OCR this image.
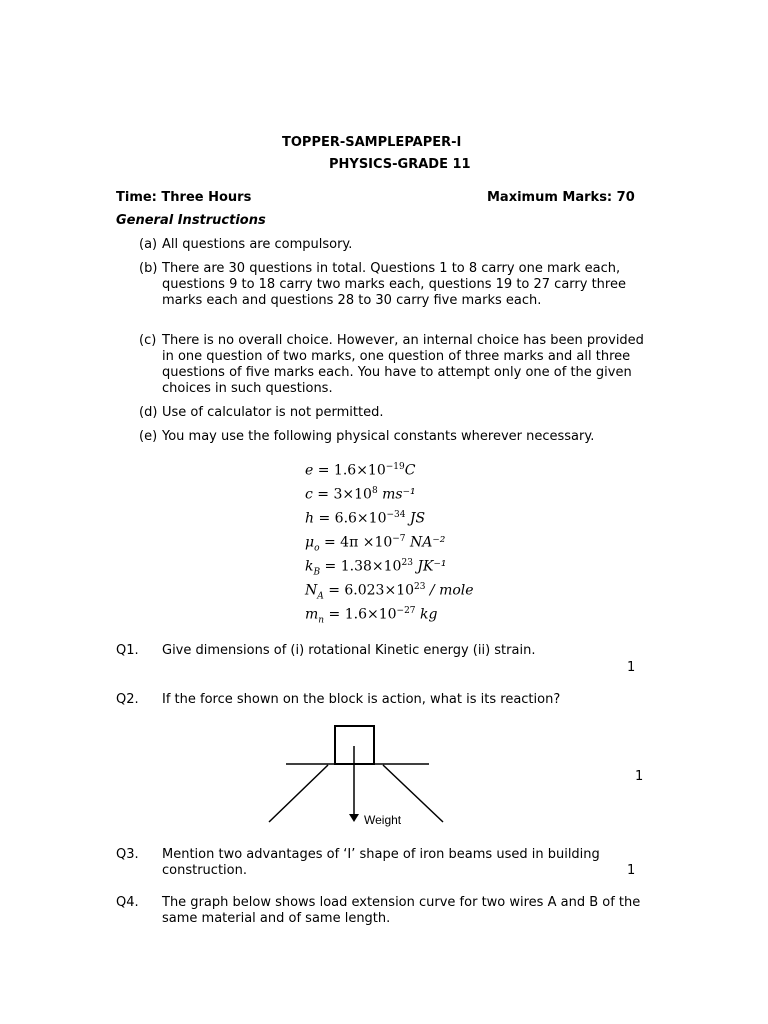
TOPPER-SAMPLEPAPER-I
PHYSICS-GRADE 11
Time: Three Hours	Maximum Marks: 70
General Instructions
(a) All questions are compulsory.
(b) There are 30 questions in total. Questions 1 to 8 carry one mark each, questions 9 to 18 carry two marks each, questions 19 to 27 carry three marks each and questions 28 to 30 carry five marks each.
(c) There is no overall choice. However, an internal choice has been provided in one question of two marks, one question of three marks and all three questions of five marks each. You have to attempt only one of the given choices in such questions.
(d) Use of calculator is not permitted.
(e) You may use the following physical constants wherever necessary.
$e = 1.6\times 10^{-19}C$
$c = 3\times 10^8$ ms⁻¹
$h = 6.6\times 10^{-34}$ JS
$\mu_o = 4\pi \times 10^{-7}$ NA⁻²
$k_B = 1.38\times 10^{23}$ JK⁻¹
$N_A = 6.023\times 10^{23}$ / mole
$m_n = 1.6\times 10^{-27}$ kg
Q1. Give dimensions of (i) rotational Kinetic energy (ii) strain.
1
Q2. If the force shown on the block is action, what is its reaction?
Weight
1
Q3. Mention two advantages of ‘I’ shape of iron beams used in building construction.	1
Q4. The graph below shows load extension curve for two wires A and B of the same material and of same length.
